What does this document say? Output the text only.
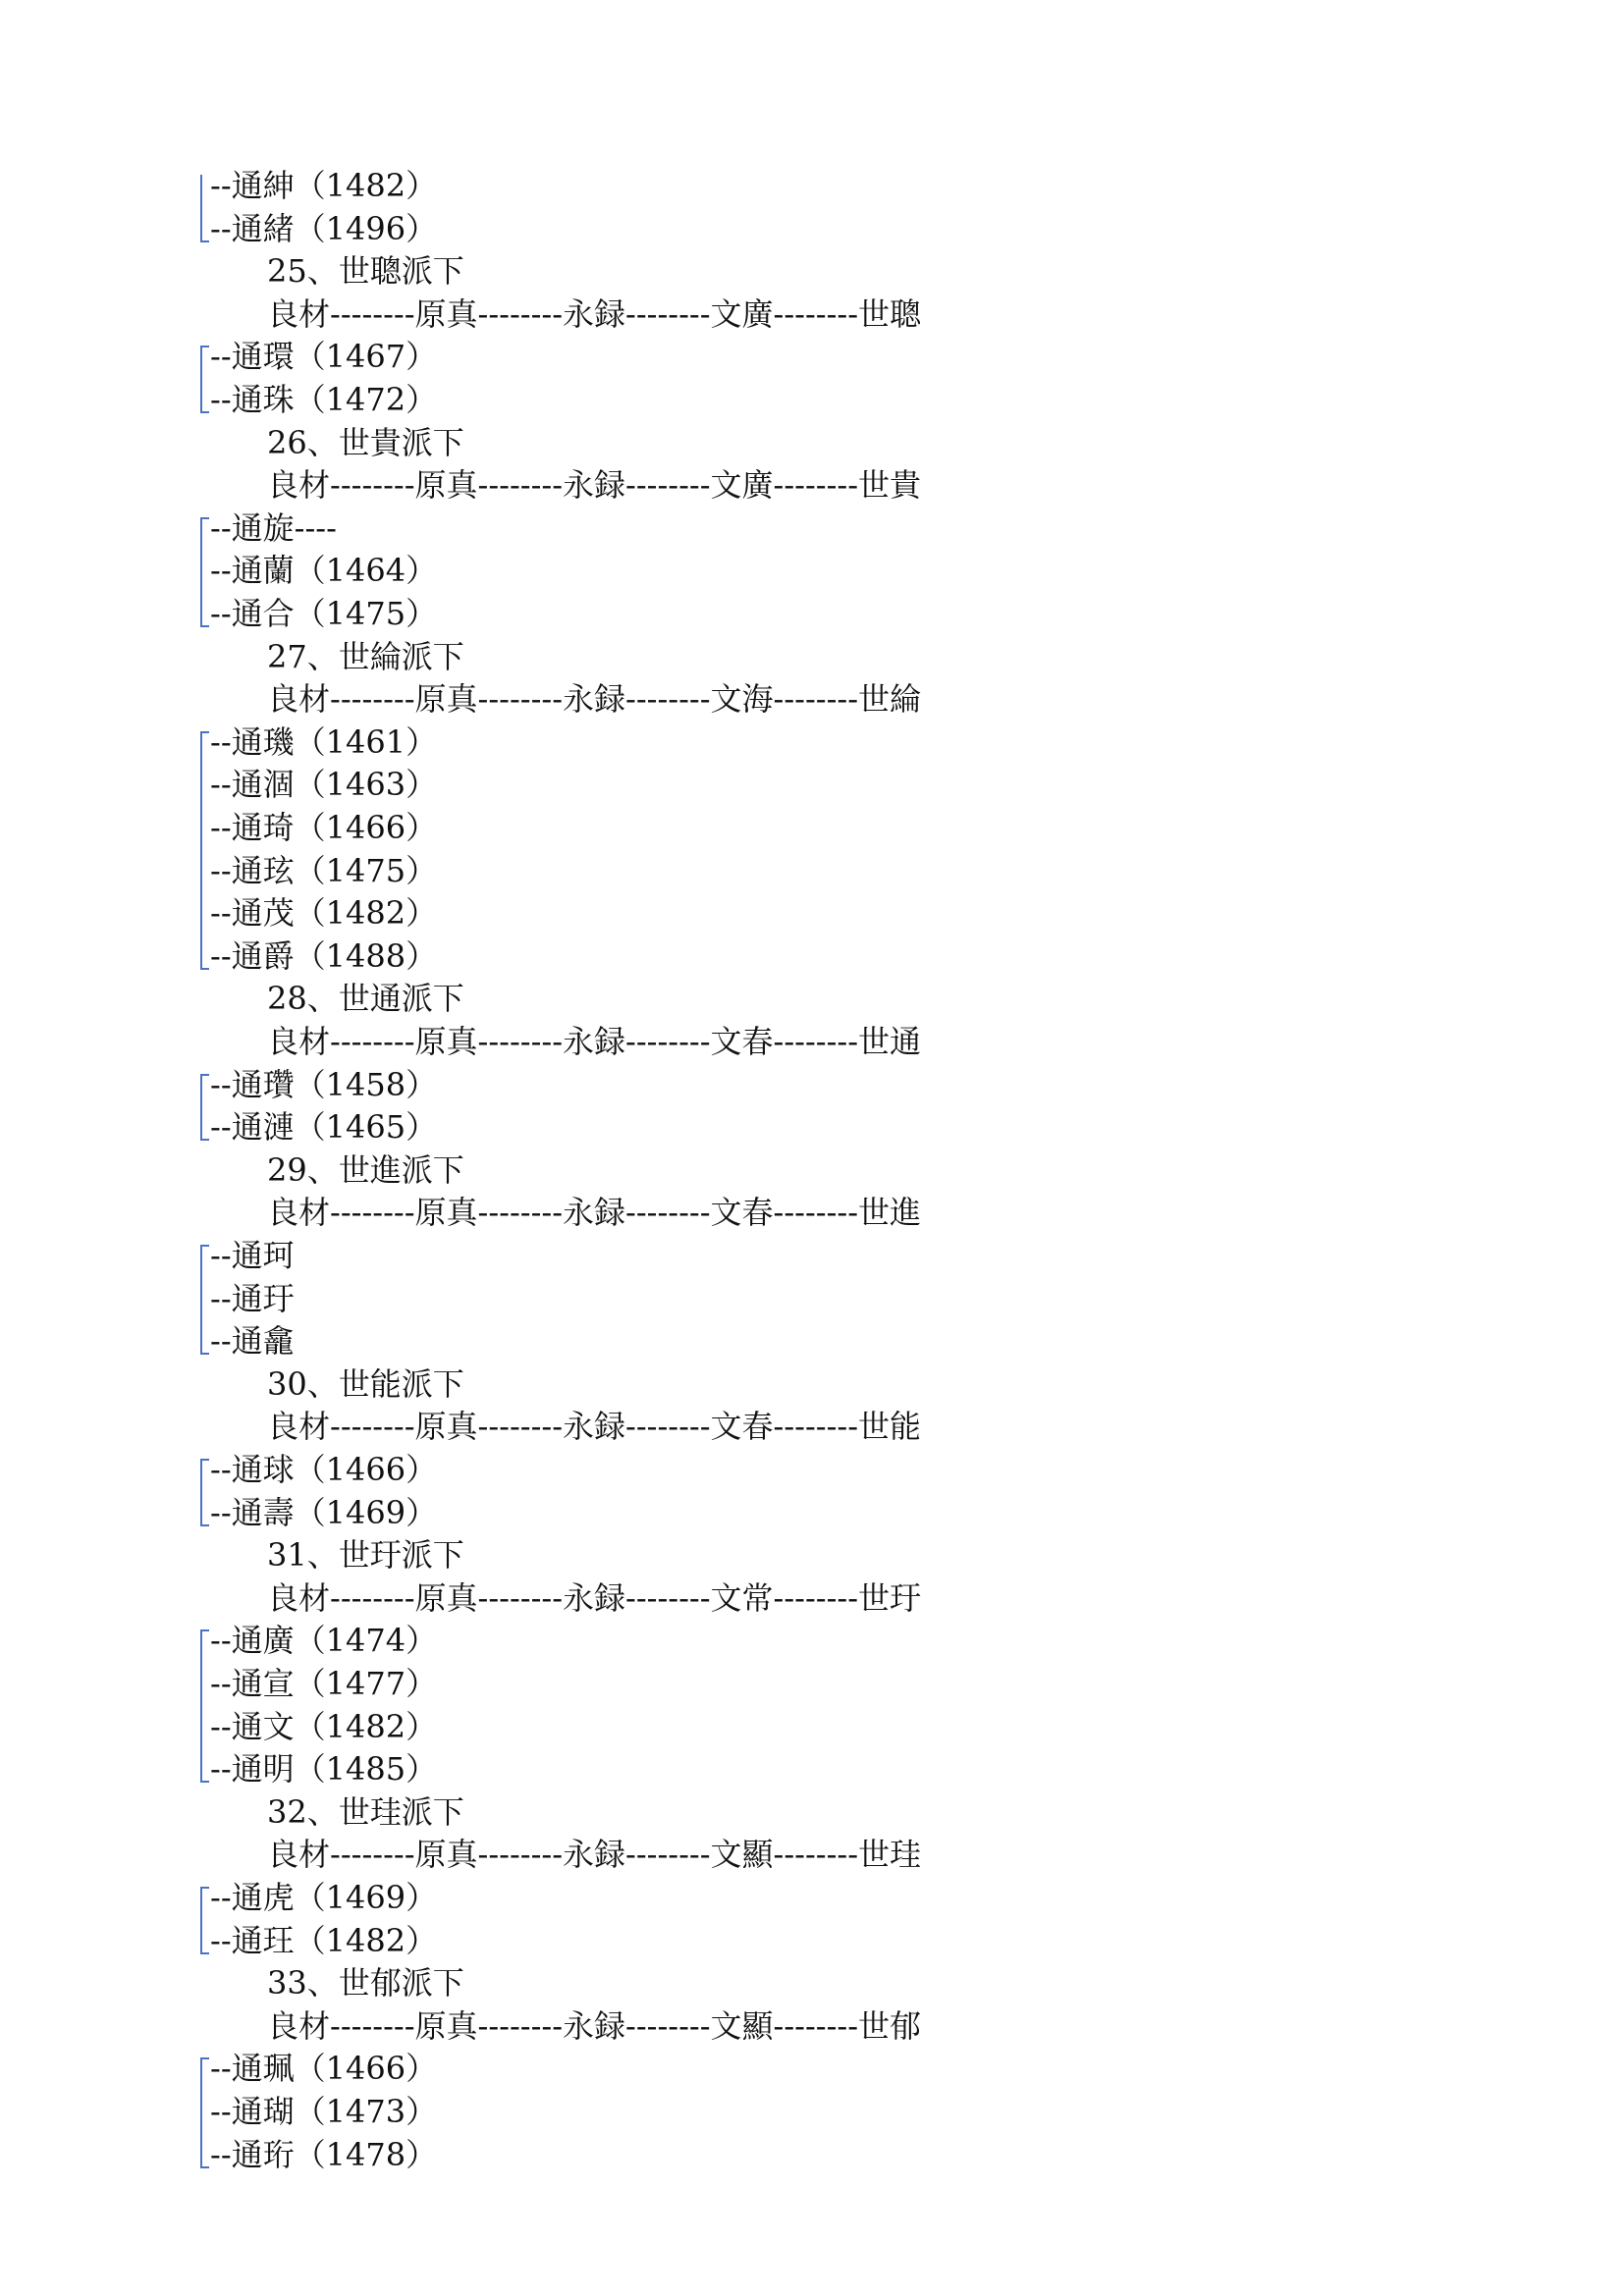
--通紳（1482）

--通緒（1496）

25、世聰派下

良材--------原真--------永録--------文廣--------世聰

--通環（1467）

--通珠（1472）

26、世貴派下

良材--------原真--------永録--------文廣--------世貴

--通旋----

--通蘭（1464）

--通合（1475）

27、世綸派下

良材--------原真--------永録--------文海--------世綸

--通璣（1461）

--通涸（1463）

--通琦（1466）

--通玹（1475）

--通茂（1482）

--通爵（1488）

28、世通派下

良材--------原真--------永録--------文春--------世通

--通瓚（1458）

--通漣（1465）

29、世進派下

良材--------原真--------永録--------文春--------世進

--通珂

--通玗

--通龕

30、世能派下

良材--------原真--------永録--------文春--------世能

--通球（1466）

--通壽（1469）

31、世玗派下

良材--------原真--------永録--------文常--------世玗

--通廣（1474）

--通宣（1477）

--通文（1482）

--通明（1485）

32、世珪派下

良材--------原真--------永録--------文顯--------世珪

--通虎（1469）

--通玨（1482）

33、世郁派下

良材--------原真--------永録--------文顯--------世郁

--通珮（1466）

--通瑚（1473）

--通珩（1478）
